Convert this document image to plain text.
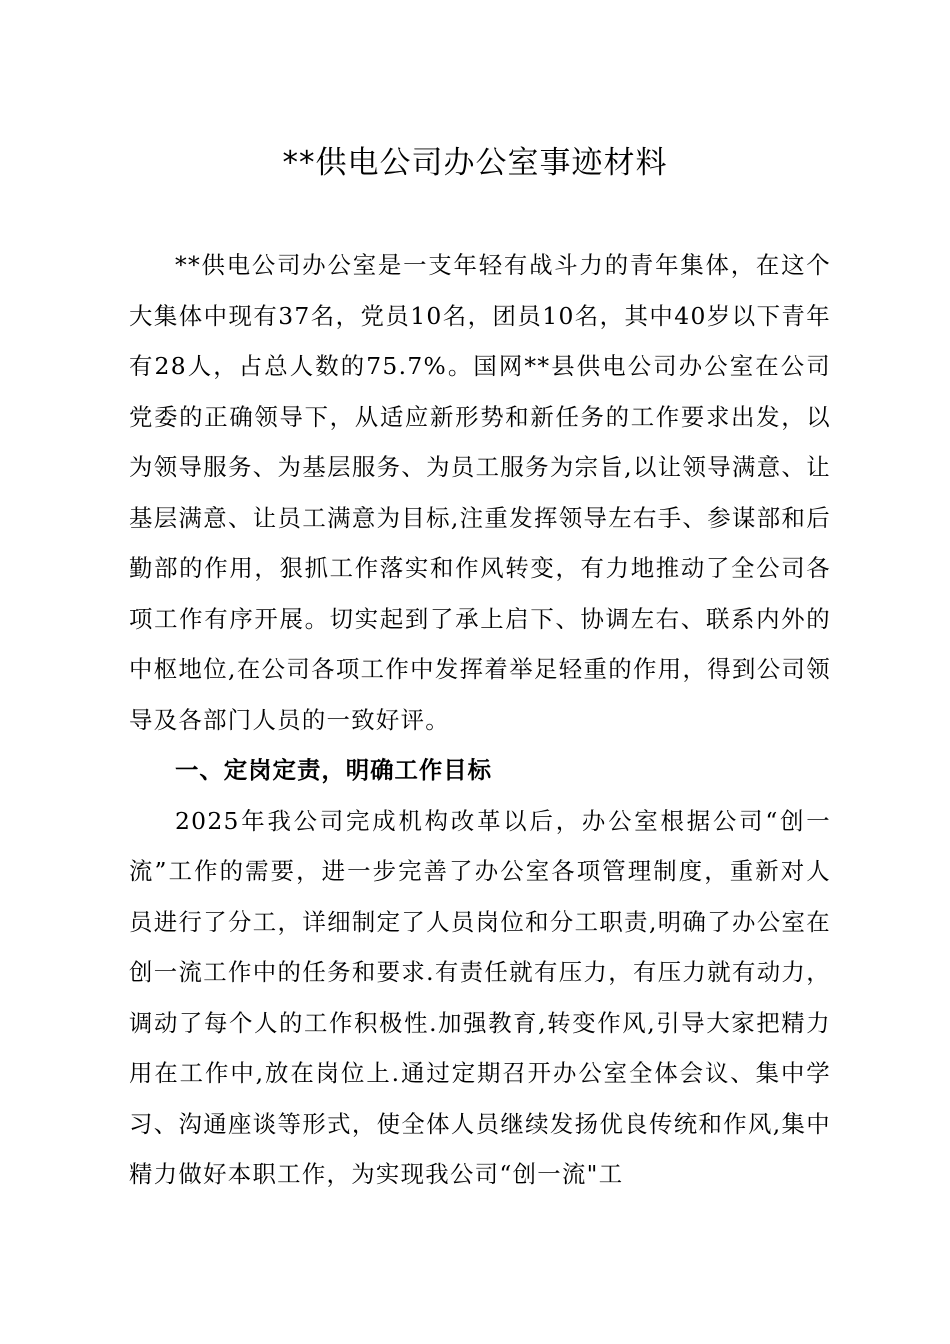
**供电公司办公室事迹材料

**供电公司办公室是一支年轻有战斗力的青年集体，在这个大集体中现有37名，党员10名，团员10名，其中40岁以下青年有28人，占总人数的75.7%。国网**县供电公司办公室在公司党委的正确领导下，从适应新形势和新任务的工作要求出发，以为领导服务、为基层服务、为员工服务为宗旨,以让领导满意、让基层满意、让员工满意为目标,注重发挥领导左右手、参谋部和后勤部的作用，狠抓工作落实和作风转变，有力地推动了全公司各项工作有序开展。切实起到了承上启下、协调左右、联系内外的中枢地位,在公司各项工作中发挥着举足轻重的作用，得到公司领导及各部门人员的一致好评。

一、定岗定责，明确工作目标

2025年我公司完成机构改革以后，办公室根据公司“创一流”工作的需要，进一步完善了办公室各项管理制度，重新对人员进行了分工，详细制定了人员岗位和分工职责,明确了办公室在创一流工作中的任务和要求.有责任就有压力，有压力就有动力，调动了每个人的工作积极性.加强教育,转变作风,引导大家把精力用在工作中,放在岗位上.通过定期召开办公室全体会议、集中学习、沟通座谈等形式，使全体人员继续发扬优良传统和作风,集中精力做好本职工作，为实现我公司“创一流"工
